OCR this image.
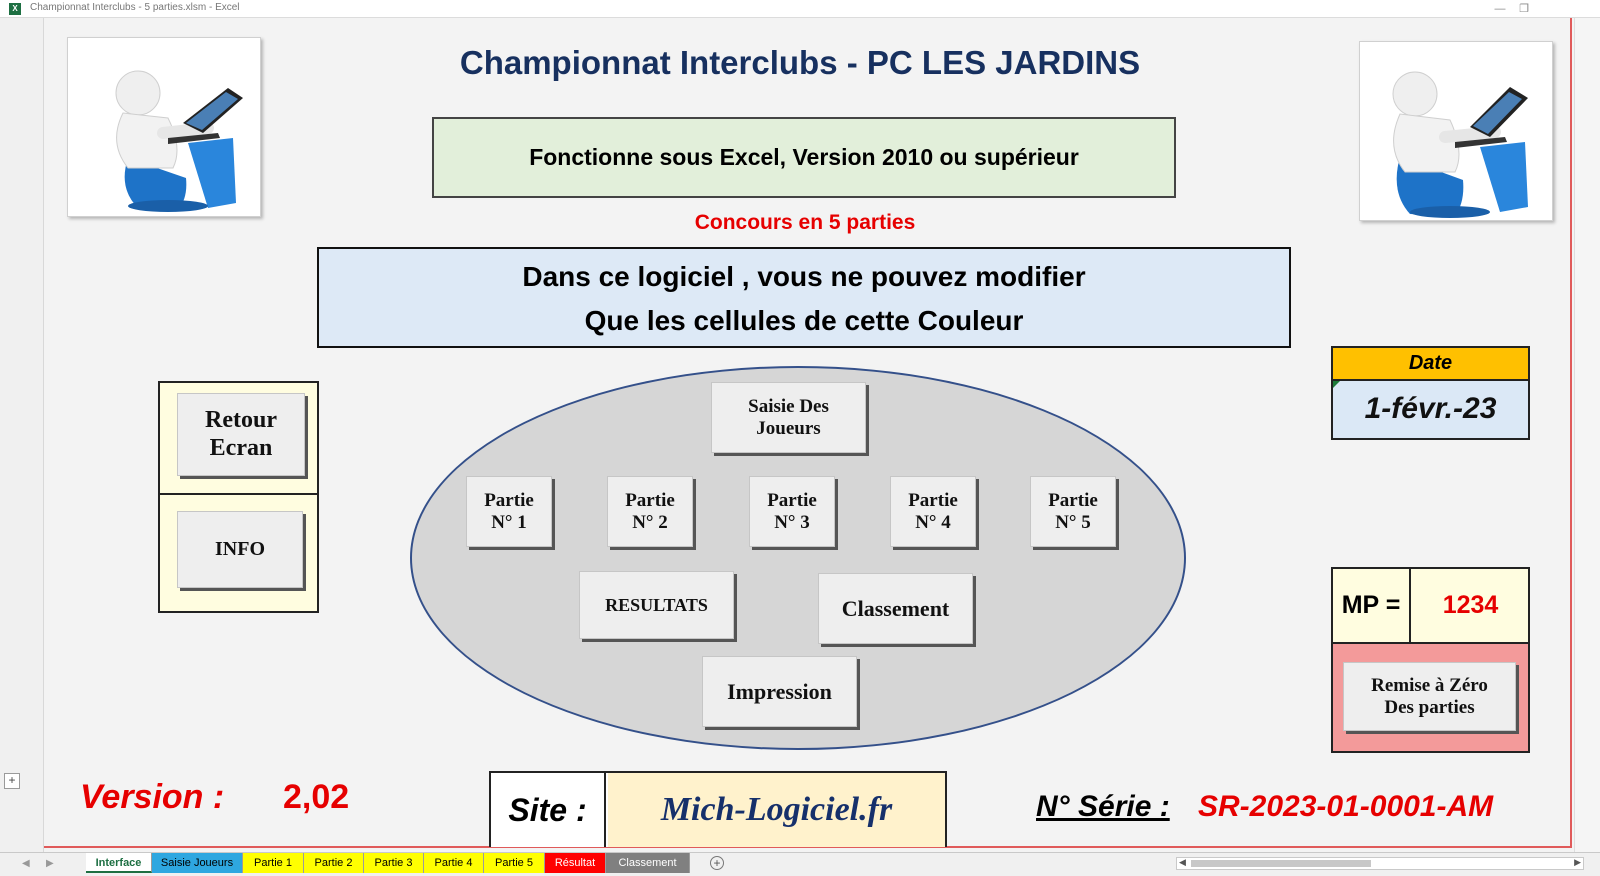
X	Championnat Interclubs - 5 parties.xlsm - Excel	—	❐
+
Championnat Interclubs - PC LES JARDINS
Fonctionne sous Excel, Version 2010 ou supérieur
Concours en 5 parties
Dans ce logiciel , vous ne pouvez modifier
Que les cellules de cette Couleur
Retour
Ecran
INFO
Saisie Des
Joueurs
Partie
N° 1
Partie
N° 2
Partie
N° 3
Partie
N° 4
Partie
N° 5
RESULTATS	Classement
Impression
Date
1-févr.-23
MP =	1234
Remise à Zéro
Des parties
Version : 2,02	Site :	Mich-Logiciel.fr	N° Série : SR-2023-01-0001-AM
◀ ▶	Interface	Saisie Joueurs	Partie 1	Partie 2	Partie 3	Partie 4	Partie 5	Résultat	Classement	+	◀	▶
